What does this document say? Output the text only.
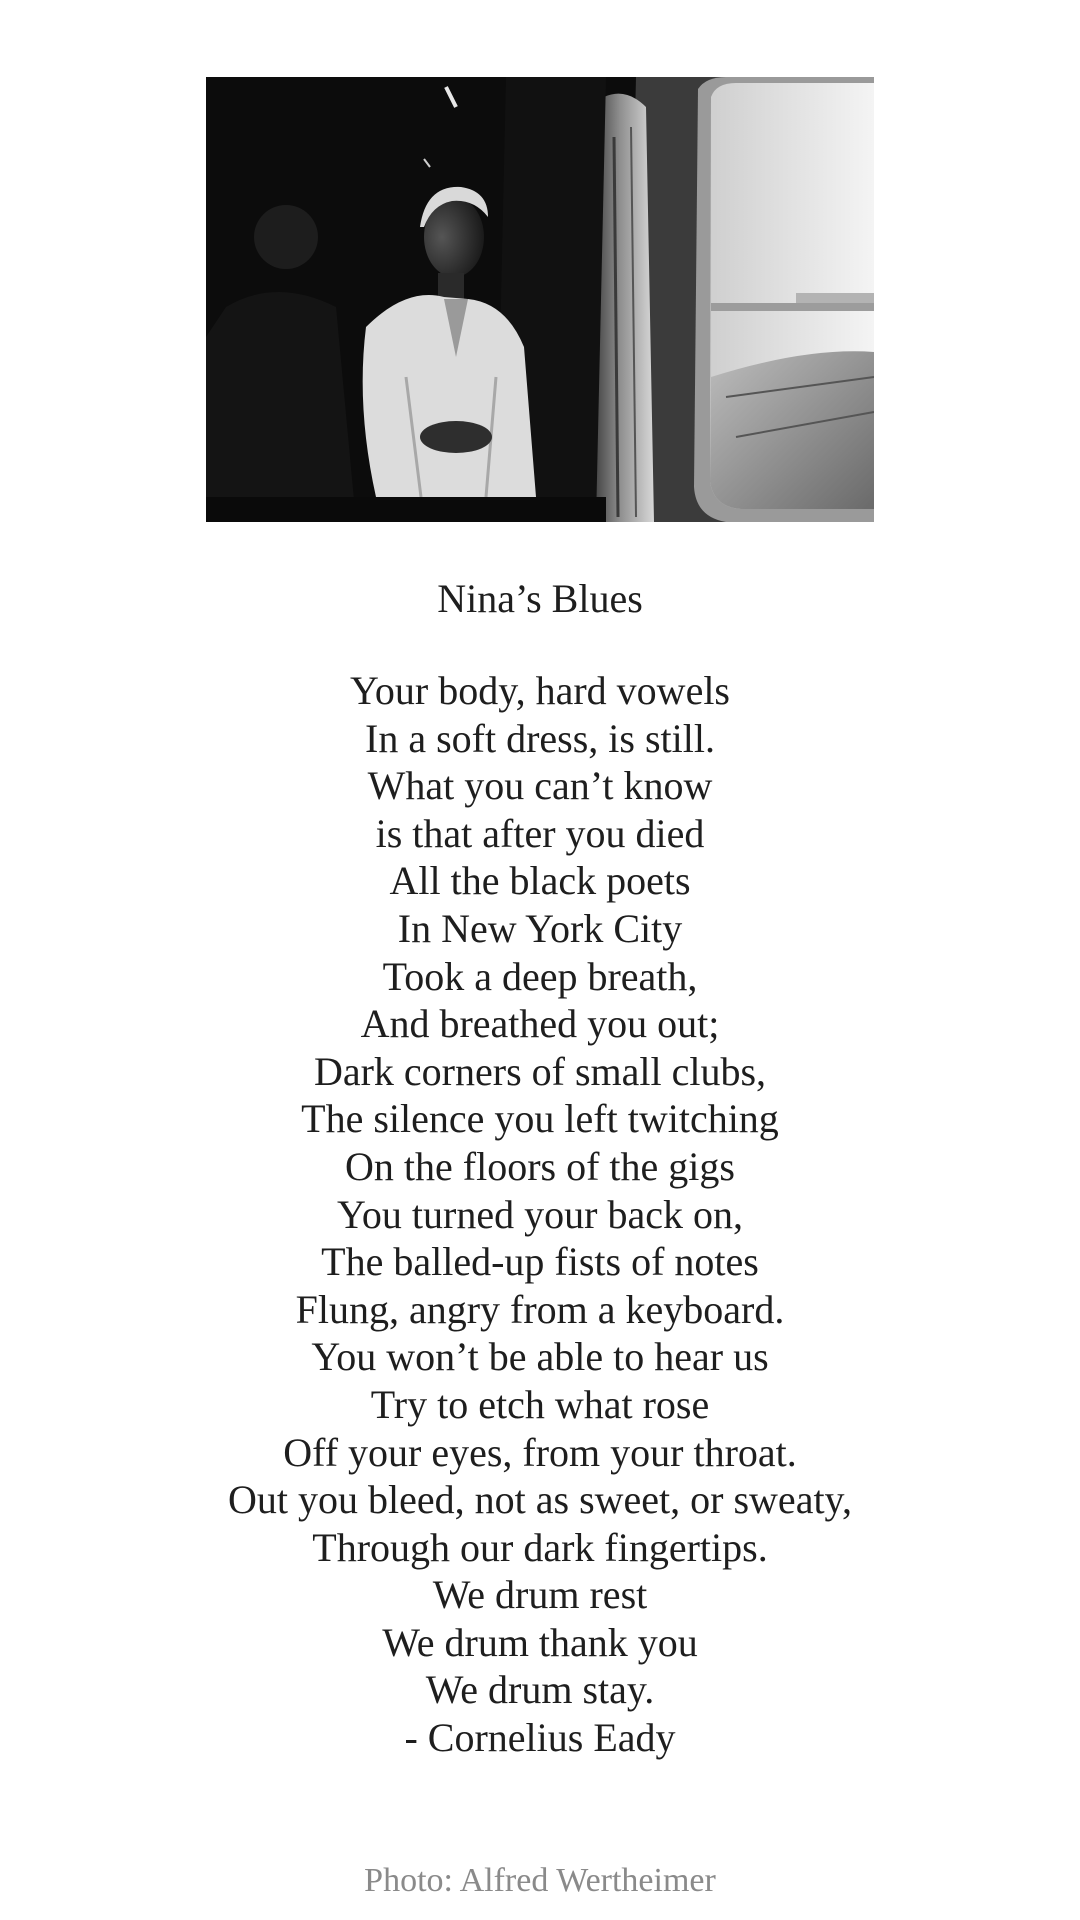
Nina’s Blues
Your body, hard vowels
In a soft dress, is still.
What you can’t know
is that after you died
All the black poets
In New York City
Took a deep breath,
And breathed you out;
Dark corners of small clubs,
The silence you left twitching
On the floors of the gigs
You turned your back on,
The balled-up fists of notes
Flung, angry from a keyboard.
You won’t be able to hear us
Try to etch what rose
Off your eyes, from your throat.
Out you bleed, not as sweet, or sweaty,
Through our dark fingertips.
We drum rest
We drum thank you
We drum stay.
- Cornelius Eady
Photo: Alfred Wertheimer
